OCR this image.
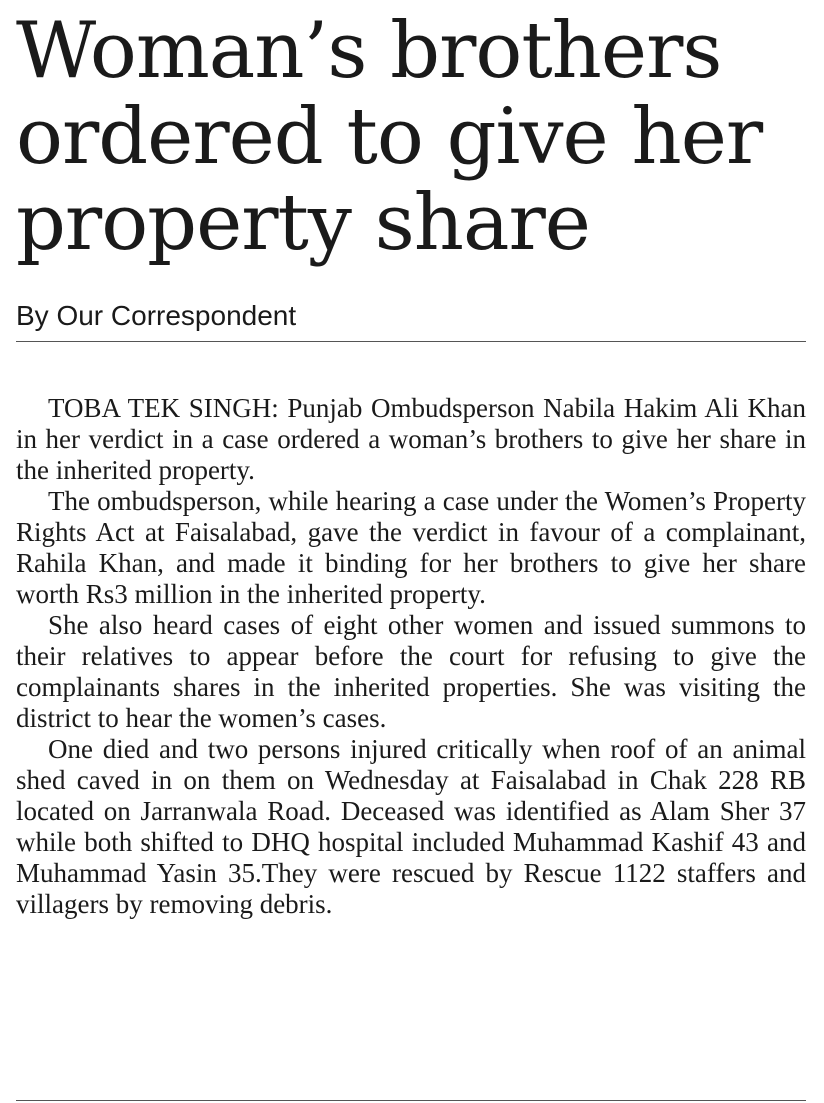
Woman’s brothers
ordered to give her
property share
By Our Correspondent

TOBA TEK SINGH: Punjab Ombudsperson Nabila Hakim Ali Khan in her verdict in a case ordered a woman’s brothers to give her share in the inherited property.

The ombudsperson, while hearing a case under the Women’s Property Rights Act at Faisalabad, gave the verdict in favour of a complainant, Rahila Khan, and made it binding for her brothers to give her share worth Rs3 million in the inherited property.

She also heard cases of eight other women and issued summons to their relatives to appear before the court for refusing to give the complainants shares in the inherited properties. She was visiting the district to hear the women’s cases.

One died and two persons injured critically when roof of an animal shed caved in on them on Wednesday at Faisalabad in Chak 228 RB located on Jarranwala Road. Deceased was identified as Alam Sher 37 while both shifted to DHQ hospital included Muhammad Kashif 43 and Muhammad Yasin 35.They were rescued by Rescue 1122 staffers and villagers by removing debris.
